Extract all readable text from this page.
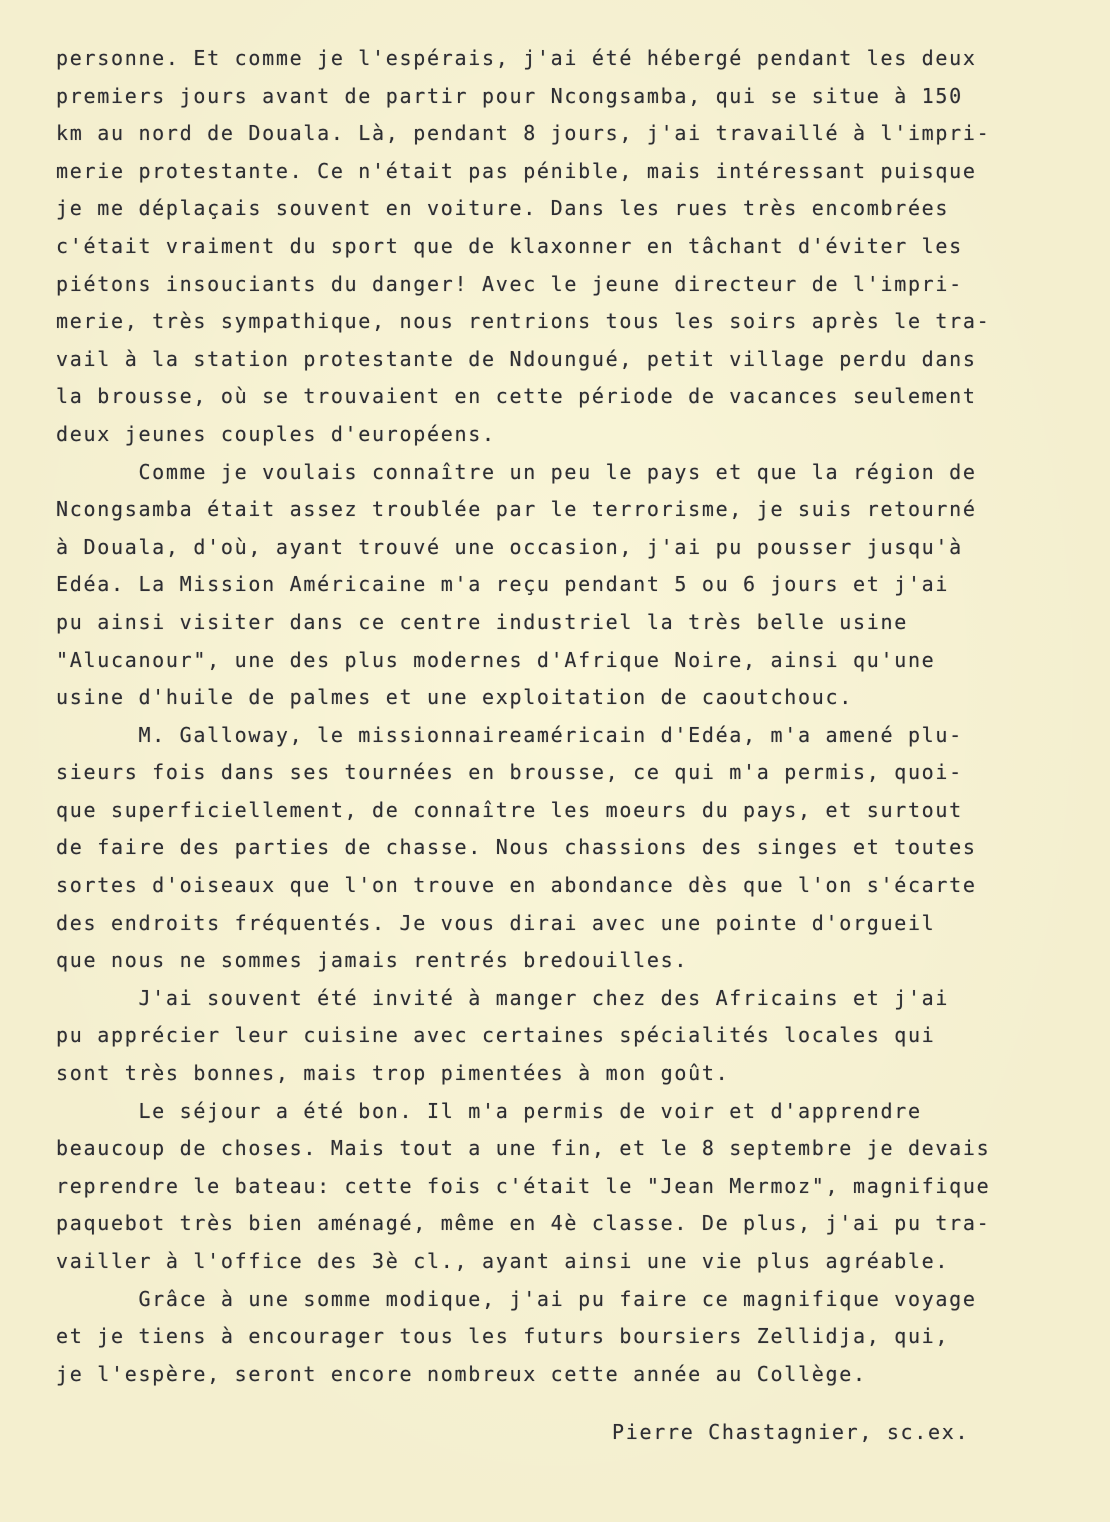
personne. Et comme je l'espérais, j'ai été hébergé pendant les deux
premiers jours avant de partir pour Ncongsamba, qui se situe à 150
km au nord de Douala. Là, pendant 8 jours, j'ai travaillé à l'impri-
merie protestante. Ce n'était pas pénible, mais intéressant puisque
je me déplaçais souvent en voiture. Dans les rues très encombrées
c'était vraiment du sport que de klaxonner en tâchant d'éviter les
piétons insouciants du danger! Avec le jeune directeur de l'impri-
merie, très sympathique, nous rentrions tous les soirs après le tra-
vail à la station protestante de Ndoungué, petit village perdu dans
la brousse, où se trouvaient en cette période de vacances seulement
deux jeunes couples d'européens.
Comme je voulais connaître un peu le pays et que la région de
Ncongsamba était assez troublée par le terrorisme, je suis retourné
à Douala, d'où, ayant trouvé une occasion, j'ai pu pousser jusqu'à
Edéa. La Mission Américaine m'a reçu pendant 5 ou 6 jours et j'ai
pu ainsi visiter dans ce centre industriel la très belle usine
"Alucanour", une des plus modernes d'Afrique Noire, ainsi qu'une
usine d'huile de palmes et une exploitation de caoutchouc.
M. Galloway, le missionnaireaméricain d'Edéa, m'a amené plu-
sieurs fois dans ses tournées en brousse, ce qui m'a permis, quoi-
que superficiellement, de connaître les moeurs du pays, et surtout
de faire des parties de chasse. Nous chassions des singes et toutes
sortes d'oiseaux que l'on trouve en abondance dès que l'on s'écarte
des endroits fréquentés. Je vous dirai avec une pointe d'orgueil
que nous ne sommes jamais rentrés bredouilles.
J'ai souvent été invité à manger chez des Africains et j'ai
pu apprécier leur cuisine avec certaines spécialités locales qui
sont très bonnes, mais trop pimentées à mon goût.
Le séjour a été bon. Il m'a permis de voir et d'apprendre
beaucoup de choses. Mais tout a une fin, et le 8 septembre je devais
reprendre le bateau: cette fois c'était le "Jean Mermoz", magnifique
paquebot très bien aménagé, même en 4è classe. De plus, j'ai pu tra-
vailler à l'office des 3è cl., ayant ainsi une vie plus agréable.
Grâce à une somme modique, j'ai pu faire ce magnifique voyage
et je tiens à encourager tous les futurs boursiers Zellidja, qui,
je l'espère, seront encore nombreux cette année au Collège.
Pierre Chastagnier, sc.ex.
